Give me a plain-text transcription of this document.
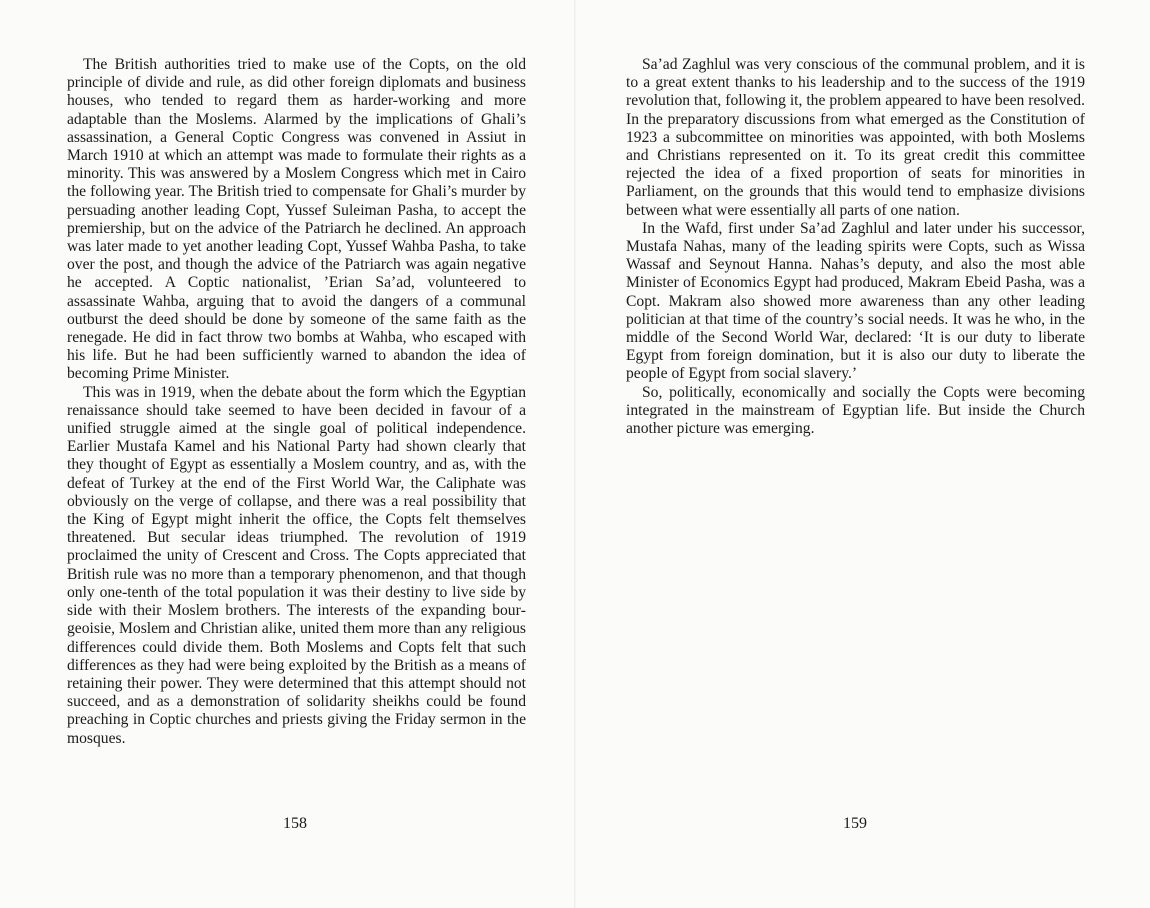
The British authorities tried to make use of the Copts, on the old principle of divide and rule, as did other foreign diplomats and business houses, who tended to regard them as harder-working and more adaptable than the Moslems. Alarmed by the implications of Ghali’s assassination, a General Coptic Congress was convened in Assiut in March 1910 at which an attempt was made to formulate their rights as a minority. This was answered by a Moslem Congress which met in Cairo the following year. The British tried to compensate for Ghali’s murder by persuading another leading Copt, Yussef Suleiman Pasha, to accept the premiership, but on the advice of the Patriarch he declined. An approach was later made to yet another leading Copt, Yussef Wahba Pasha, to take over the post, and though the advice of the Patriarch was again negative he accepted. A Coptic nationalist, ’Erian Sa’ad, volunteered to assassinate Wahba, arguing that to avoid the dangers of a communal outburst the deed should be done by someone of the same faith as the renegade. He did in fact throw two bombs at Wahba, who escaped with his life. But he had been sufficiently warned to abandon the idea of becoming Prime Minister.

This was in 1919, when the debate about the form which the Egyptian renaissance should take seemed to have been decided in favour of a unified struggle aimed at the single goal of political independence. Earlier Mustafa Kamel and his National Party had shown clearly that they thought of Egypt as essentially a Moslem country, and as, with the defeat of Turkey at the end of the First World War, the Caliphate was obviously on the verge of collapse, and there was a real possibility that the King of Egypt might inherit the office, the Copts felt themselves threatened. But secular ideas triumphed. The revolution of 1919 proclaimed the unity of Crescent and Cross. The Copts appreciated that British rule was no more than a temporary phenomenon, and that though only one-tenth of the total population it was their destiny to live side by side with their Moslem brothers. The interests of the expanding bourgeoisie, Moslem and Christian alike, united them more than any religious differences could divide them. Both Moslems and Copts felt that such differences as they had were being exploited by the British as a means of retaining their power. They were determined that this attempt should not succeed, and as a demonstration of solidarity sheikhs could be found preaching in Coptic churches and priests giving the Friday sermon in the mosques.

158

Sa’ad Zaghlul was very conscious of the communal problem, and it is to a great extent thanks to his leadership and to the success of the 1919 revolution that, following it, the problem appeared to have been resolved. In the preparatory discussions from what emerged as the Constitution of 1923 a subcommittee on minorities was appointed, with both Moslems and Christians represented on it. To its great credit this committee rejected the idea of a fixed proportion of seats for minorities in Parliament, on the grounds that this would tend to emphasize divisions between what were essentially all parts of one nation.

In the Wafd, first under Sa’ad Zaghlul and later under his successor, Mustafa Nahas, many of the leading spirits were Copts, such as Wissa Wassaf and Seynout Hanna. Nahas’s deputy, and also the most able Minister of Economics Egypt had produced, Makram Ebeid Pasha, was a Copt. Makram also showed more awareness than any other leading politician at that time of the country’s social needs. It was he who, in the middle of the Second World War, declared: ‘It is our duty to liberate Egypt from foreign domination, but it is also our duty to liberate the people of Egypt from social slavery.’

So, politically, economically and socially the Copts were becoming integrated in the mainstream of Egyptian life. But inside the Church another picture was emerging.

159
